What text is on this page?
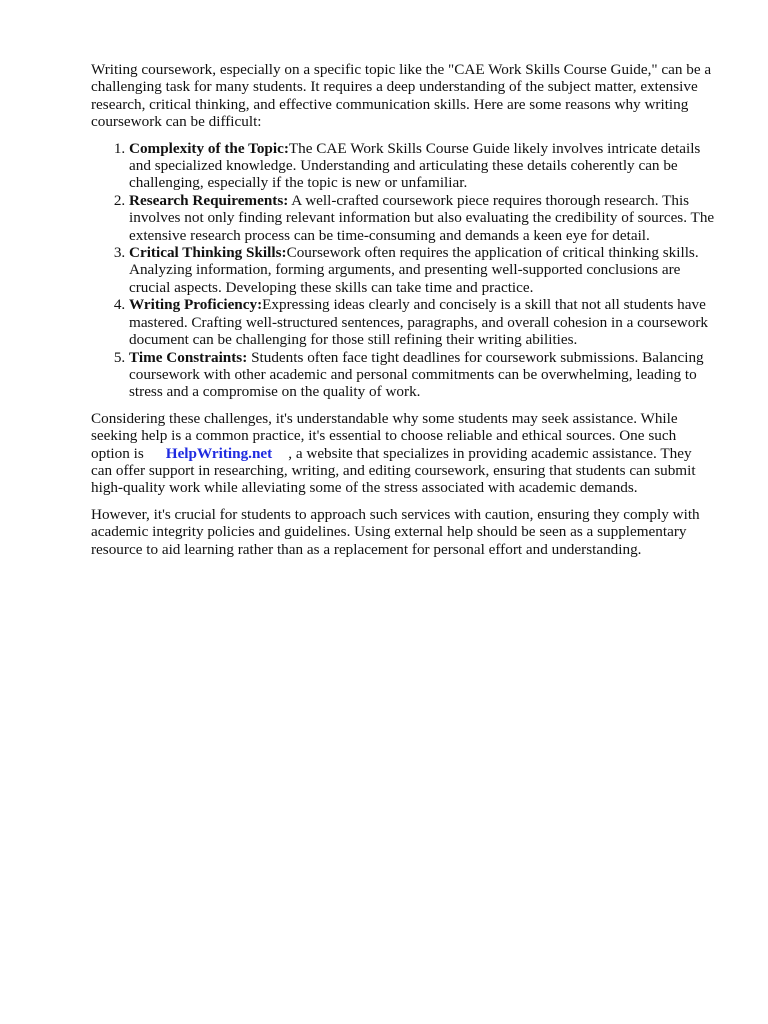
Writing coursework, especially on a specific topic like the "CAE Work Skills Course Guide," can be a challenging task for many students. It requires a deep understanding of the subject matter, extensive research, critical thinking, and effective communication skills. Here are some reasons why writing coursework can be difficult:

1. Complexity of the Topic:The CAE Work Skills Course Guide likely involves intricate details and specialized knowledge. Understanding and articulating these details coherently can be challenging, especially if the topic is new or unfamiliar.
2. Research Requirements: A well-crafted coursework piece requires thorough research. This involves not only finding relevant information but also evaluating the credibility of sources. The extensive research process can be time-consuming and demands a keen eye for detail.
3. Critical Thinking Skills:Coursework often requires the application of critical thinking skills. Analyzing information, forming arguments, and presenting well-supported conclusions are crucial aspects. Developing these skills can take time and practice.
4. Writing Proficiency:Expressing ideas clearly and concisely is a skill that not all students have mastered. Crafting well-structured sentences, paragraphs, and overall cohesion in a coursework document can be challenging for those still refining their writing abilities.
5. Time Constraints: Students often face tight deadlines for coursework submissions. Balancing coursework with other academic and personal commitments can be overwhelming, leading to stress and a compromise on the quality of work.

Considering these challenges, it's understandable why some students may seek assistance. While seeking help is a common practice, it's essential to choose reliable and ethical sources. One such option is HelpWriting.net , a website that specializes in providing academic assistance. They can offer support in researching, writing, and editing coursework, ensuring that students can submit high-quality work while alleviating some of the stress associated with academic demands.

However, it's crucial for students to approach such services with caution, ensuring they comply with academic integrity policies and guidelines. Using external help should be seen as a supplementary resource to aid learning rather than as a replacement for personal effort and understanding.
